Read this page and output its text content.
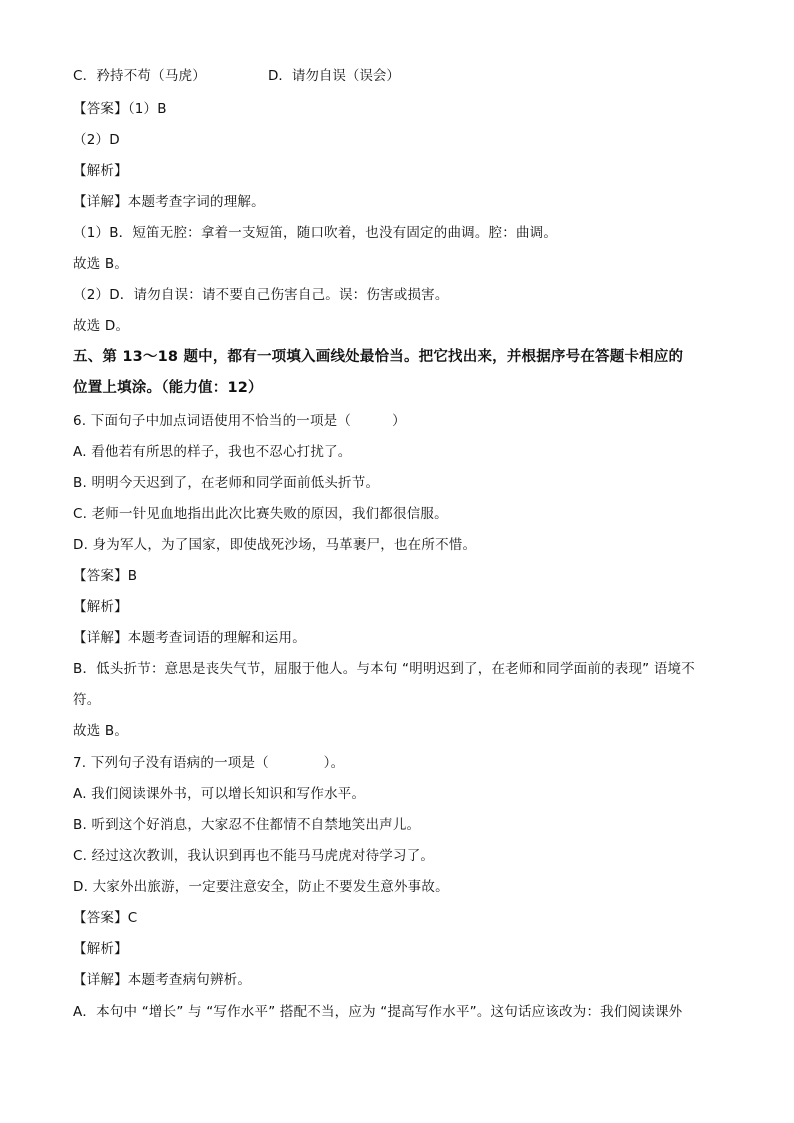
C．矜持不苟（马虎）	D．请勿自误（误会）
【答案】（1）B
（2）D
【解析】
【详解】本题考查字词的理解。
（1）B．短笛无腔：拿着一支短笛，随口吹着，也没有固定的曲调。腔：曲调。
故选 B。
（2）D．请勿自误：请不要自己伤害自己。误：伤害或损害。
故选 D。
五、第 13～18 题中，都有一项填入画线处最恰当。把它找出来，并根据序号在答题卡相应的
位置上填涂。（能力值：12）
6. 下面句子中加点词语使用不恰当的一项是（　　　）
A. 看他若有所思的样子，我也不忍心打扰了。
B. 明明今天迟到了，在老师和同学面前低头折节。
C. 老师一针见血地指出此次比赛失败的原因，我们都很信服。
D. 身为军人，为了国家，即使战死沙场，马革裹尸，也在所不惜。
【答案】B
【解析】
【详解】本题考查词语的理解和运用。
B．低头折节：意思是丧失气节，屈服于他人。与本句 “明明迟到了，在老师和同学面前的表现” 语境不
符。
故选 B。
7. 下列句子没有语病的一项是（　　　　）。
A. 我们阅读课外书，可以增长知识和写作水平。
B. 听到这个好消息，大家忍不住都情不自禁地笑出声儿。
C. 经过这次教训，我认识到再也不能马马虎虎对待学习了。
D. 大家外出旅游，一定要注意安全，防止不要发生意外事故。
【答案】C
【解析】
【详解】本题考查病句辨析。
A．本句中 “增长” 与 “写作水平” 搭配不当，应为 “提高写作水平”。这句话应该改为：我们阅读课外
